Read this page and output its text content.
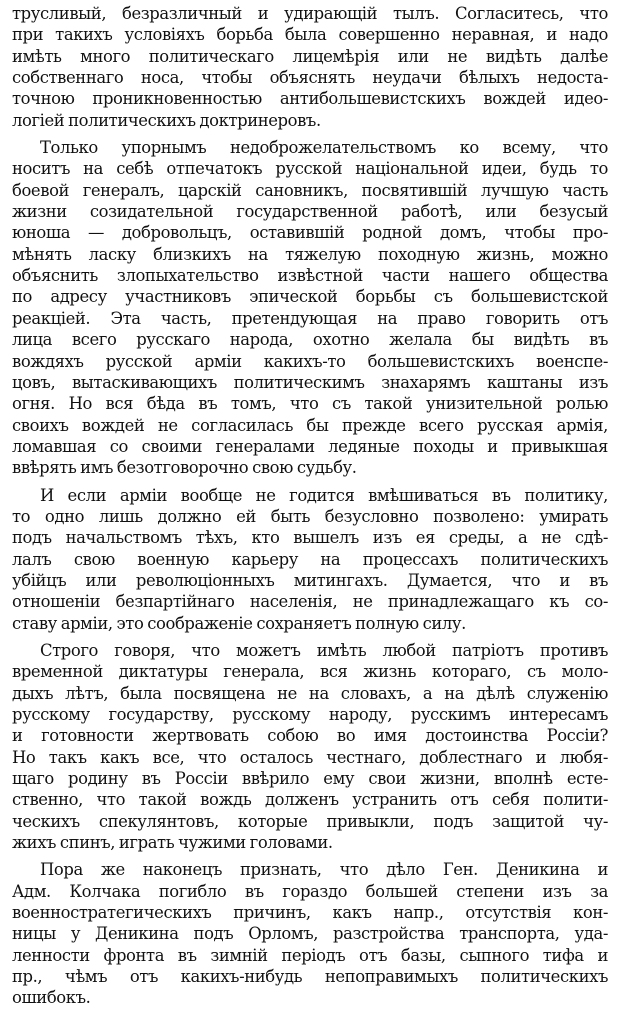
трусливый, безразличный и удирающій тылъ. Согласитесь, что
при такихъ условіяхъ борьба была совершенно неравная, и надо
имѣть много политическаго лицемѣрія или не видѣть далѣе
собственнаго носа, чтобы объяснять неудачи бѣлыхъ недоста-
точною проникновенностью антибольшевистскихъ вождей идео-
логіей политическихъ доктринеровъ.
Только упорнымъ недоброжелательствомъ ко всему, что
носитъ на себѣ отпечатокъ русской національной идеи, будь то
боевой генералъ, царскій сановникъ, посвятившій лучшую часть
жизни созидательной государственной работѣ, или безусый
юноша — добровольцъ, оставившій родной домъ, чтобы про-
мѣнять ласку близкихъ на тяжелую походную жизнь, можно
объяснить злопыхательство извѣстной части нашего общества
по адресу участниковъ эпической борьбы съ большевистской
реакціей. Эта часть, претендующая на право говорить отъ
лица всего русскаго народа, охотно желала бы видѣть въ
вождяхъ русской арміи какихъ-то большевистскихъ военспе-
цовъ, вытаскивающихъ политическимъ знахарямъ каштаны изъ
огня. Но вся бѣда въ томъ, что съ такой унизительной ролью
своихъ вождей не согласилась бы прежде всего русская армія,
ломавшая со своими генералами ледяные походы и привыкшая
ввѣрять имъ безотговорочно свою судьбу.
И если арміи вообще не годится вмѣшиваться въ политику,
то одно лишь должно ей быть безусловно позволено: умирать
подъ начальствомъ тѣхъ, кто вышелъ изъ ея среды, а не сдѣ-
лалъ свою военную карьеру на процессахъ политическихъ
убійцъ или революціонныхъ митингахъ. Думается, что и въ
отношеніи безпартійнаго населенія, не принадлежащаго къ со-
ставу арміи, это соображеніе сохраняетъ полную силу.
Строго говоря, что можетъ имѣть любой патріотъ противъ
временной диктатуры генерала, вся жизнь котораго, съ моло-
дыхъ лѣтъ, была посвящена не на словахъ, а на дѣлѣ служенію
русскому государству, русскому народу, русскимъ интересамъ
и готовности жертвовать собою во имя достоинства Россіи?
Но такъ какъ все, что осталось честнаго, доблестнаго и любя-
щаго родину въ Россіи ввѣрило ему свои жизни, вполнѣ есте-
ственно, что такой вождь долженъ устранить отъ себя полити-
ческихъ спекулянтовъ, которые привыкли, подъ защитой чу-
жихъ спинъ, играть чужими головами.
Пора же наконецъ признать, что дѣло Ген. Деникина и
Адм. Колчака погибло въ гораздо большей степени изъ за
военностратегическихъ причинъ, какъ напр., отсутствія кон-
ницы у Деникина подъ Орломъ, разстройства транспорта, уда-
ленности фронта въ зимній періодъ отъ базы, сыпного тифа и
пр., чѣмъ отъ какихъ-нибудь непоправимыхъ политическихъ
ошибокъ.
